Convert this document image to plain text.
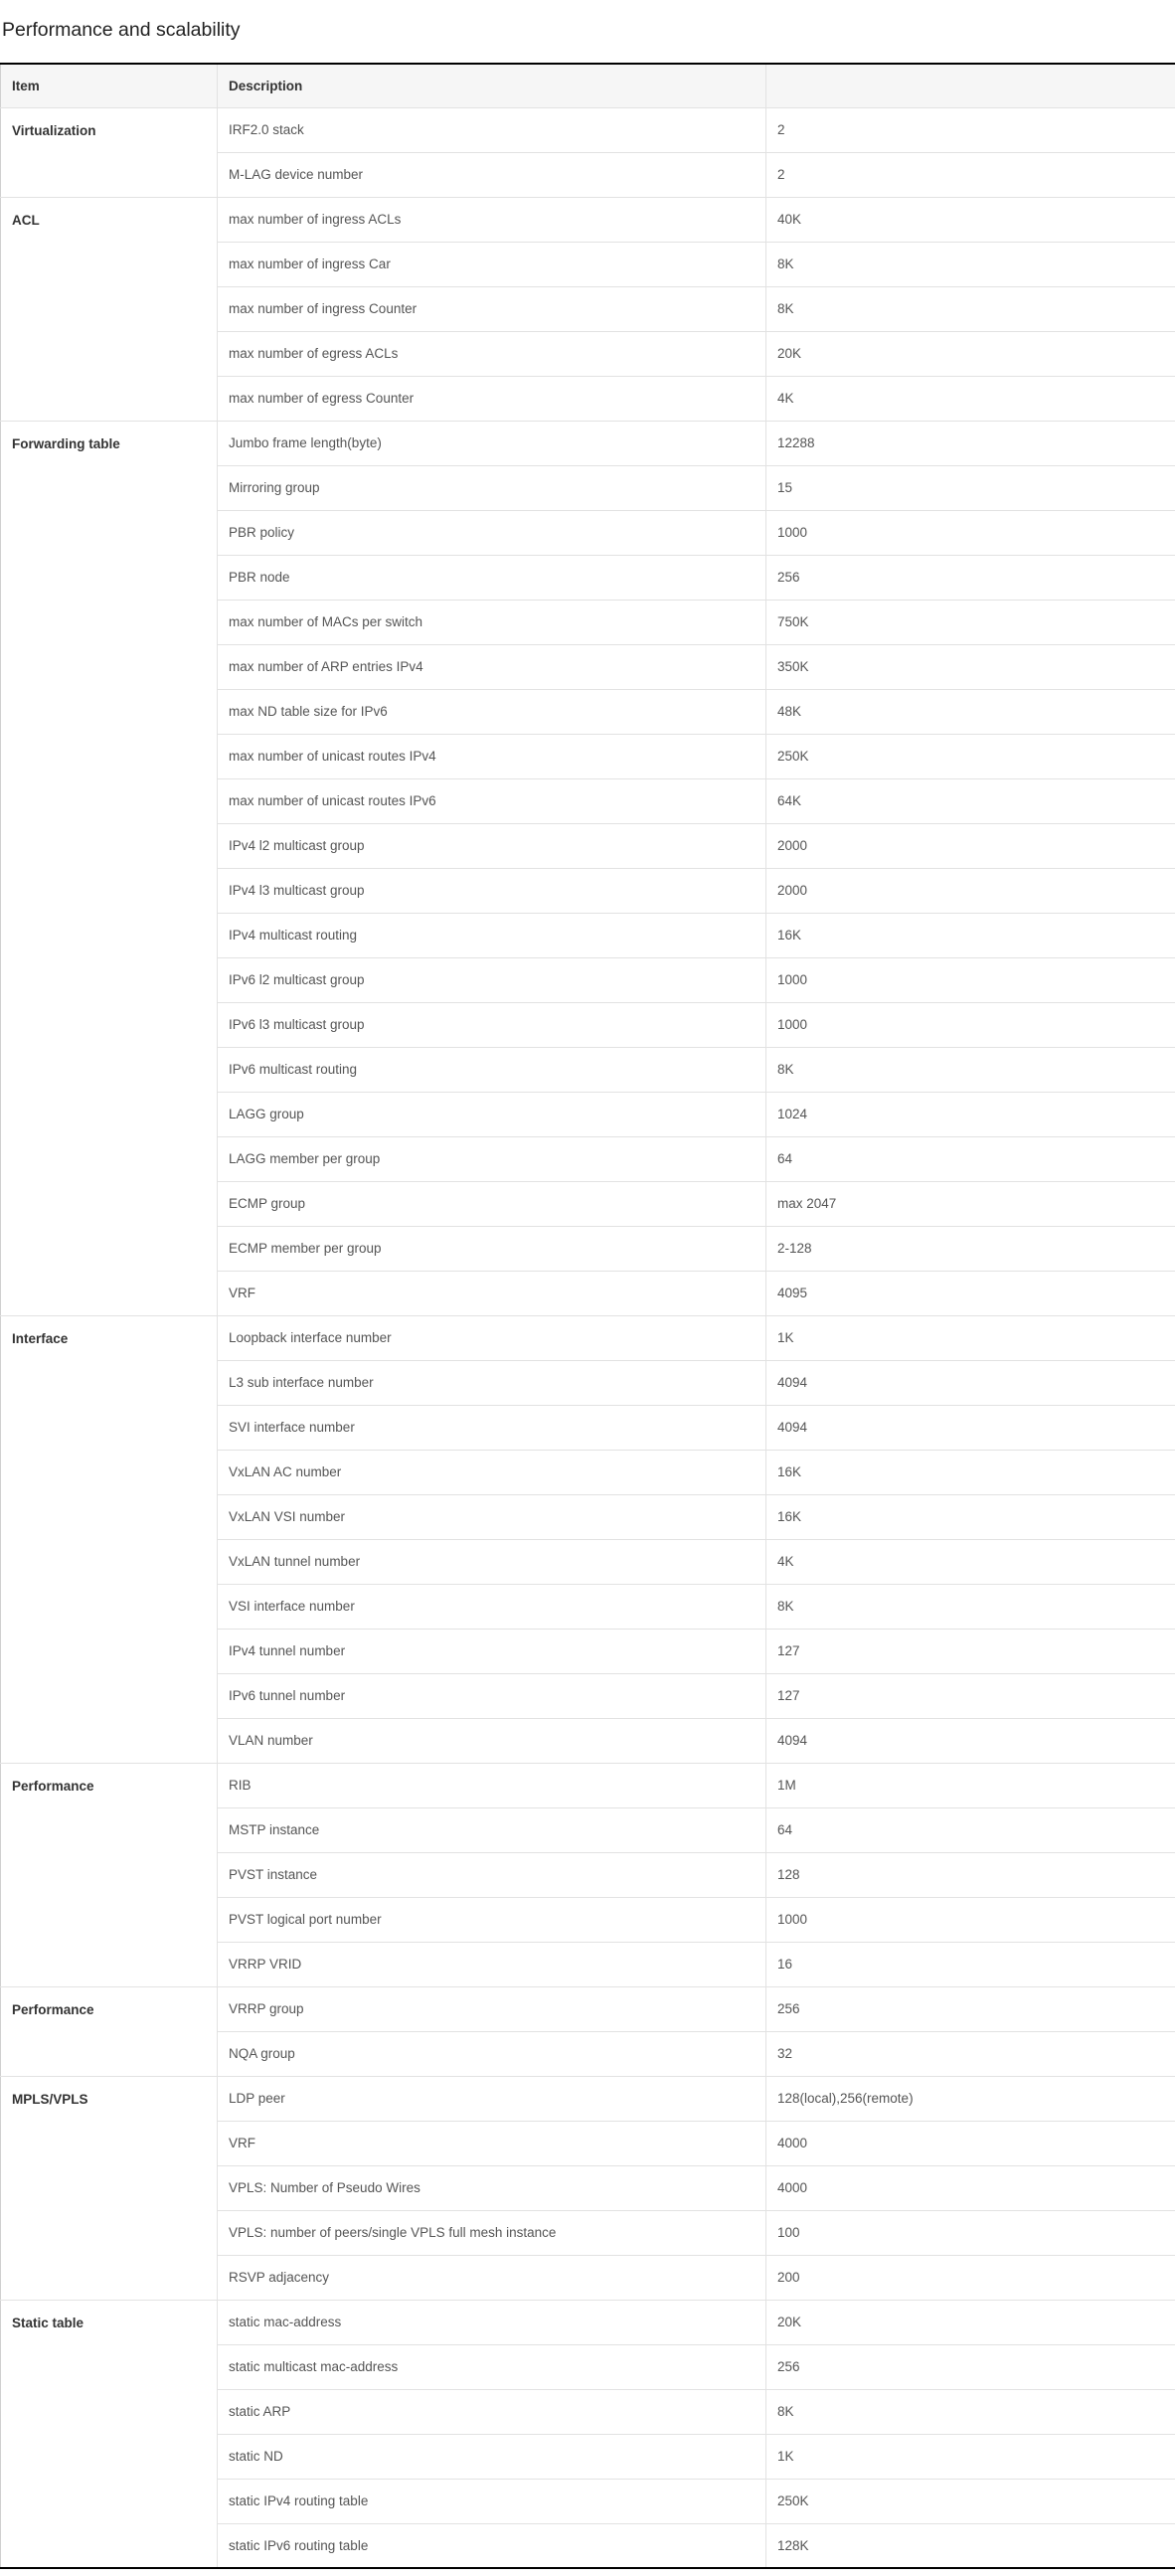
Performance and scalability
Item	Description	
Virtualization	IRF2.0 stack	2
	M-LAG device number	2
ACL	max number of ingress ACLs	40K
	max number of ingress Car	8K
	max number of ingress Counter	8K
	max number of egress ACLs	20K
	max number of egress Counter	4K
Forwarding table	Jumbo frame length(byte)	12288
	Mirroring group	15
	PBR policy	1000
	PBR node	256
	max number of MACs per switch	750K
	max number of ARP entries IPv4	350K
	max ND table size for IPv6	48K
	max number of unicast routes IPv4	250K
	max number of unicast routes IPv6	64K
	IPv4 l2 multicast group	2000
	IPv4 l3 multicast group	2000
	IPv4 multicast routing	16K
	IPv6 l2 multicast group	1000
	IPv6 l3 multicast group	1000
	IPv6 multicast routing	8K
	LAGG group	1024
	LAGG member per group	64
	ECMP group	max 2047
	ECMP member per group	2-128
	VRF	4095
Interface	Loopback interface number	1K
	L3 sub interface number	4094
	SVI interface number	4094
	VxLAN AC number	16K
	VxLAN VSI number	16K
	VxLAN tunnel number	4K
	VSI interface number	8K
	IPv4 tunnel number	127
	IPv6 tunnel number	127
	VLAN number	4094
Performance	RIB	1M
	MSTP instance	64
	PVST instance	128
	PVST logical port number	1000
	VRRP VRID	16
Performance	VRRP group	256
	NQA group	32
MPLS/VPLS	LDP peer	128(local),256(remote)
	VRF	4000
	VPLS: Number of Pseudo Wires	4000
	VPLS: number of peers/single VPLS full mesh instance	100
	RSVP adjacency	200
Static table	static mac-address	20K
	static multicast mac-address	256
	static ARP	8K
	static ND	1K
	static IPv4 routing table	250K
	static IPv6 routing table	128K
